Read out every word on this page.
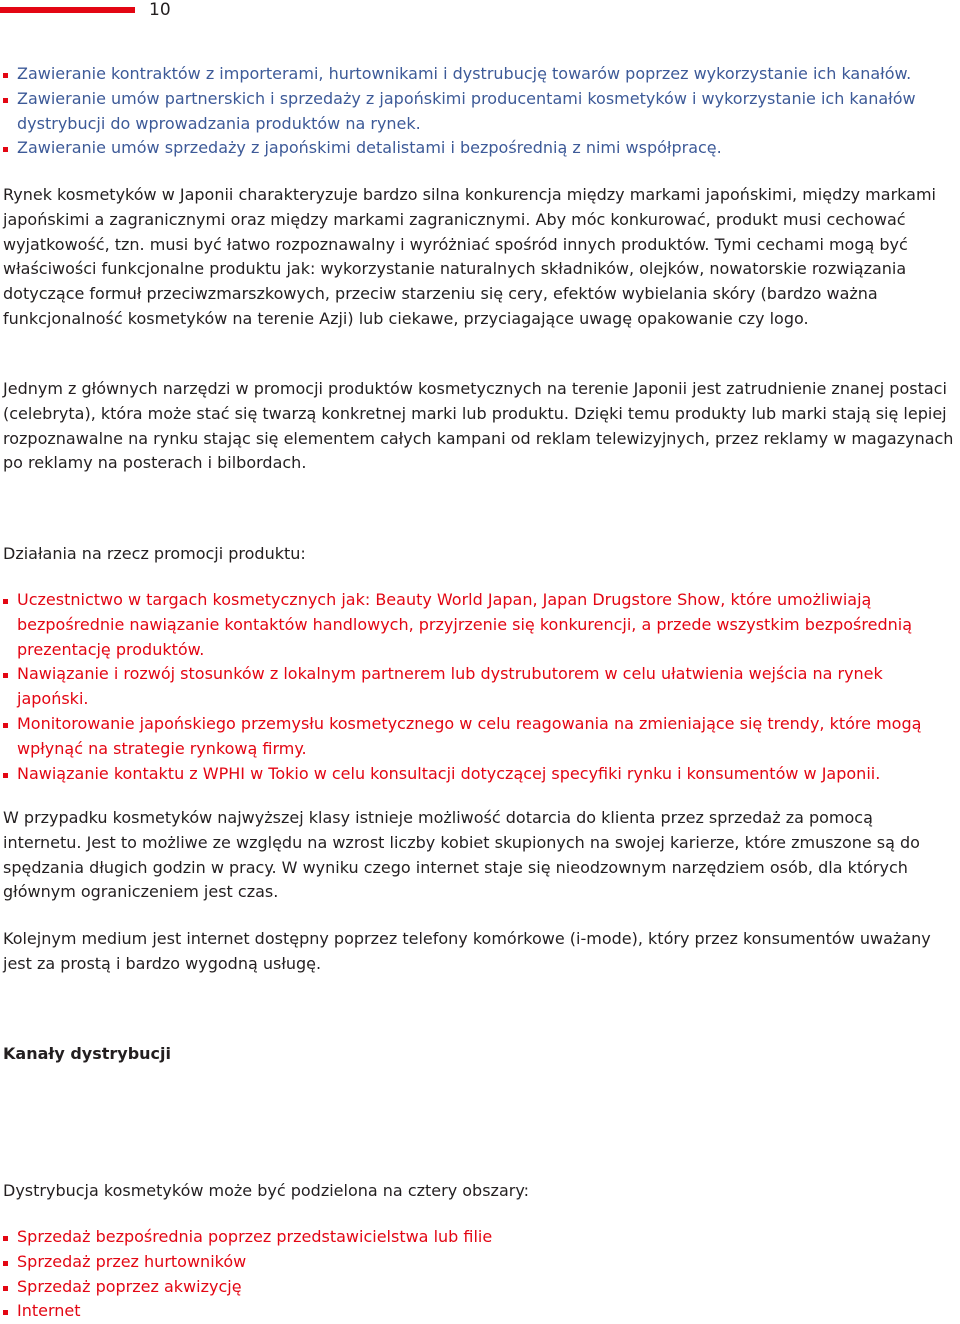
10
Zawieranie kontraktów z importerami, hurtownikami i dystrubucję towarów poprzez wykorzystanie ich kanałów.
Zawieranie umów partnerskich i sprzedaży z japońskimi producentami kosmetyków i wykorzystanie ich kanałów dystrybucji do wprowadzania produktów na rynek.
Zawieranie umów sprzedaży z japońskimi detalistami i bezpośrednią z nimi współpracę.

Rynek kosmetyków w Japonii charakteryzuje bardzo silna konkurencja między markami japońskimi, między markami japońskimi a zagranicznymi oraz między markami zagranicznymi. Aby móc konkurować, produkt musi cechować wyjatkowość, tzn. musi być łatwo rozpoznawalny i wyróżniać spośród innych produktów. Tymi cechami mogą być właściwości funkcjonalne produktu jak: wykorzystanie naturalnych składników, olejków, nowatorskie rozwiązania dotyczące formuł przeciwzmarszkowych, przeciw starzeniu się cery, efektów wybielania skóry (bardzo ważna funkcjonalność kosmetyków na terenie Azji) lub ciekawe, przyciagające uwagę opakowanie czy logo.

Jednym z głównych narzędzi w promocji produktów kosmetycznych na terenie Japonii jest zatrudnienie znanej postaci (celebryta), która może stać się twarzą konkretnej marki lub produktu. Dzięki temu produkty lub marki stają się lepiej rozpoznawalne na rynku stając się elementem całych kampani od reklam telewizyjnych, przez reklamy w magazynach po reklamy na posterach i bilbordach.

Działania na rzecz promocji produktu:

Uczestnictwo w targach kosmetycznych jak: Beauty World Japan, Japan Drugstore Show, które umożliwiają bezpośrednie nawiązanie kontaktów handlowych, przyjrzenie się konkurencji, a przede wszystkim bezpośrednią prezentację produktów.
Nawiązanie i rozwój stosunków z lokalnym partnerem lub dystrubutorem w celu ułatwienia wejścia na rynek japoński.
Monitorowanie japońskiego przemysłu kosmetycznego w celu reagowania na zmieniające się trendy, które mogą wpłynąć na strategie rynkową firmy.
Nawiązanie kontaktu z WPHI w Tokio w celu konsultacji dotyczącej specyfiki rynku i konsumentów w Japonii.

W przypadku kosmetyków najwyższej klasy istnieje możliwość dotarcia do klienta przez sprzedaż za pomocą internetu. Jest to możliwe ze względu na wzrost liczby kobiet skupionych na swojej karierze, które zmuszone są do spędzania długich godzin w pracy. W wyniku czego internet staje się nieodzownym narzędziem osób, dla których głównym ograniczeniem jest czas.

Kolejnym medium jest internet dostępny poprzez telefony komórkowe (i-mode), który przez konsumentów uważany jest za prostą i bardzo wygodną usługę.

Kanały dystrybucji

Dystrybucja kosmetyków może być podzielona na cztery obszary:

Sprzedaż bezpośrednia poprzez przedstawicielstwa lub filie
Sprzedaż przez hurtowników
Sprzedaż poprzez akwizycję
Internet
